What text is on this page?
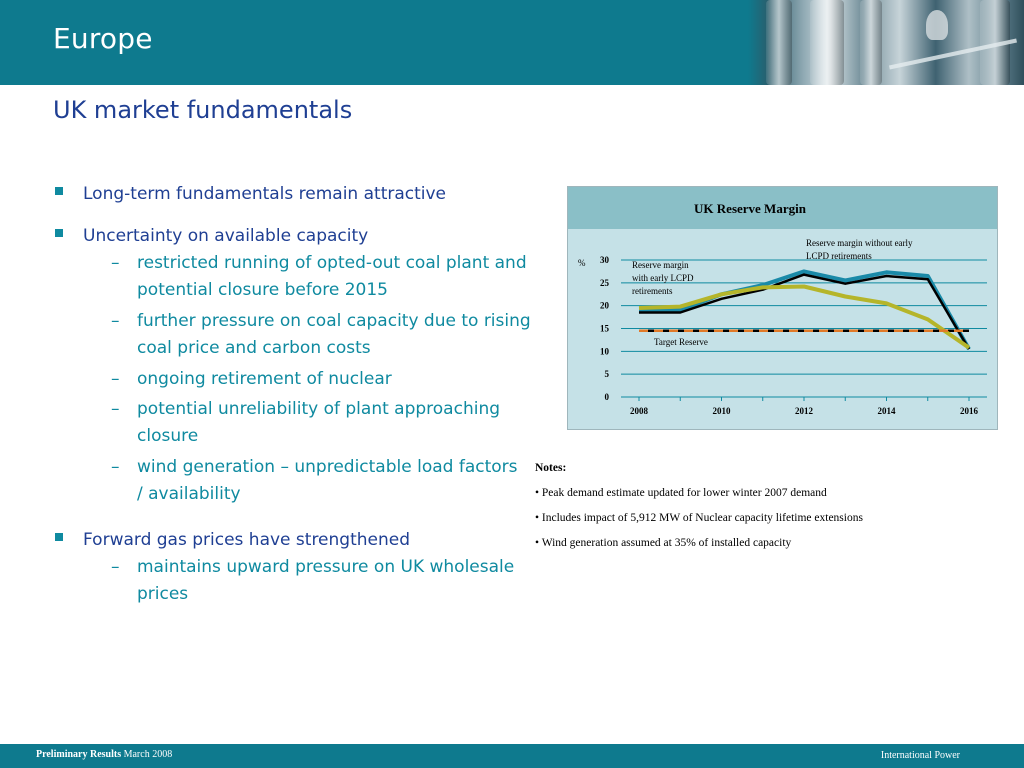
Europe
UK market fundamentals
Long-term fundamentals remain attractive
Uncertainty on available capacity
– restricted running of opted-out coal plant and
potential closure before 2015
– further pressure on coal capacity due to rising
coal price and carbon costs
– ongoing retirement of nuclear
– potential unreliability of plant approaching
closure
– wind generation – unpredictable load factors
/ availability
Forward gas prices have strengthened
– maintains upward pressure on UK wholesale
prices
UK Reserve Margin
0
5
10
15
20
25
30
2008	2010	2012	2014	2016
%
Reserve margin without early
LCPD retirements
Reserve margin
with early LCPD
retirements
Target Reserve
Notes:
• Peak demand estimate updated for lower winter 2007 demand
• Includes impact of 5,912 MW of Nuclear capacity lifetime extensions
• Wind generation assumed at 35% of installed capacity
Preliminary Results March 2008	International Power
